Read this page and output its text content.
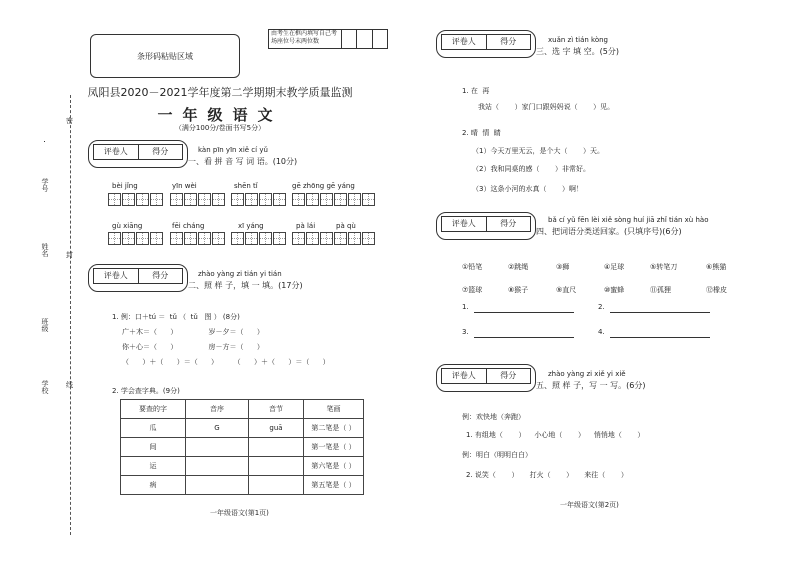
条形码粘贴区域
由考生在框内填写自己考场座位号末两位数
凤阳县2020－2021学年度第二学期期末教学质量监测
一年级语文
（满分100分/卷面书写5分）
学号
姓名
班级
学校
密
封
线
评卷人	得分	kàn pīn yīn xiě cí yǔ
一、看 拼 音 写 词 语。(10分)
bèi jǐng	yīn wèi	shēn tǐ	gē zhōng gē yáng
gù xiāng	fēi cháng	xī yáng	pà lái	pà qù
评卷人	得分	zhào yàng zi tián yi tián
二、照 样 子，填 一 填。(17分)
1. 例：口＋tú ＝  tǔ （  tǔ   图 ） (8分)
广＋木＝（      ）              岁－夕＝（      ）
你＋心＝（      ）              房－方＝（      ）
（      ）＋（      ）＝（      ）       （      ）＋（      ）＝（      ）
2. 学会查字典。(9分)
要查的字	音序	音节	笔画
瓜	G	guā	第二笔是（ ）
间			第一笔是（ ）
运			第六笔是（ ）
病			第五笔是（ ）
一年级语文(第1页)
评卷人	得分	xuǎn zì tián kòng
三、选 字 填 空。(5分)
1. 在  再
我站（       ）家门口跟妈妈说（       ）见。
2. 晴  情  睛
（1）今天万里无云，是个大（       ）天。
（2）我和同桌的感（       ）非常好。
（3）这条小河的水真（       ）啊！
评卷人	得分	bǎ cí yǔ fēn lèi xiě sòng huí jiā zhǐ tián xù hào
四、把词语分类送回家。(只填序号)(6分)
①铅笔	②跳绳	③狮	④足球	⑤转笔刀	⑥熊猫
⑦篮球	⑧猴子	⑨直尺	⑩蜜蜂	⑪孤狸	⑫橡皮
1.	2.
3.	4.
评卷人	得分	zhào yàng zi xiě yi xiě
五、照 样 子，写 一 写。(6分)
例：欢快地（奔跑）
1. 有组地（       ）    小心地（       ）    悄悄地（       ）
例：明白（明明白白）
2. 说笑（       ）     打火（       ）     来往（       ）
一年级语文(第2页)
